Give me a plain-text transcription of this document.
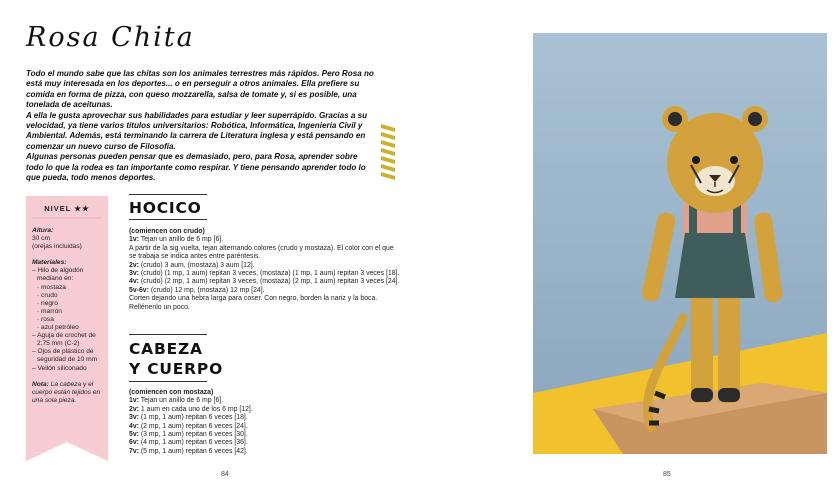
Rosa Chita

Todo el mundo sabe que las chitas son los animales terrestres más rápidos. Pero Rosa no está muy interesada en los deportes... o en perseguir a otros animales. Ella prefiere su comida en forma de pizza, con queso mozzarella, salsa de tomate y, si es posible, una tonelada de aceitunas.

A ella le gusta aprovechar sus habilidades para estudiar y leer superrápido. Gracias a su velocidad, ya tiene varios títulos universitarios: Robótica, Informática, Ingeniería Civil y Ambiental. Además, está terminando la carrera de Literatura inglesa y está pensando en comenzar un nuevo curso de Filosofía.

Algunas personas pueden pensar que es demasiado, pero, para Rosa, aprender sobre todo lo que la rodea es tan importante como respirar. Y tiene pensando aprender todo lo que pueda, todo menos deportes.

NIVEL ★★
Altura:
30 cm
(orejas incluidas)
Materiales:
– Hilo de algodón
mediano en:
· mostaza
· crudo
· negro
· marrón
· rosa
· azul petróleo
– Aguja de crochet de
2,75 mm (C-2)
– Ojos de plástico de
seguridad de 10 mm
– Vellón siliconado
Nota: La cabeza y el cuerpo están tejidos en una sola pieza.
HOCICO
(comiencen con crudo)
1v: Tejan un anillo de 6 mp [6].
A partir de la sig vuelta, tejan alternando colores (crudo y mostaza). El color con el que
se trabaja se indica antes entre paréntesis.
2v: (crudo) 3 aum, (mostaza) 3 aum [12].
3v: (crudo) (1 mp, 1 aum) repitan 3 veces, (mostaza) (1 mp, 1 aum) repitan 3 veces [18].
4v: (crudo) (2 mp, 1 aum) repitan 3 veces, (mostaza) (2 mp, 1 aum) repitan 3 veces [24].
5v-6v: (crudo) 12 mp, (mostaza) 12 mp [24].
Corten dejando una hebra larga para coser. Con negro, borden la nariz y la boca.
Rellénenlo un poco.
CABEZA
Y CUERPO
(comiencen con mostaza)
1v: Tejan un anillo de 6 mp [6].
2v: 1 aum en cada uno de los 6 mp [12].
3v: (1 mp, 1 aum) repitan 6 veces [18].
4v: (2 mp, 1 aum) repitan 6 veces [24].
5v: (3 mp, 1 aum) repitan 6 veces [30].
6v: (4 mp, 1 aum) repitan 6 veces [36].
7v: (5 mp, 1 aum) repitan 6 veces [42].
84	85
